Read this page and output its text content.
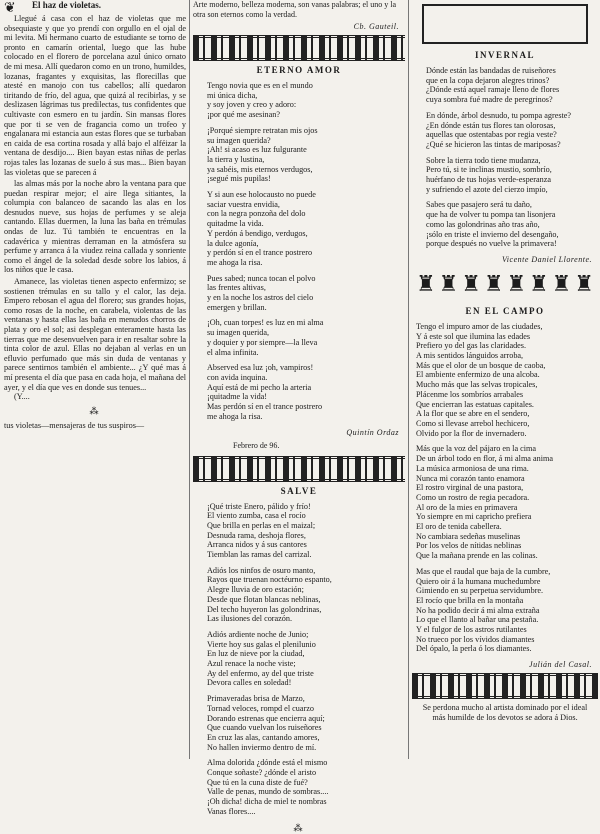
❦ El haz de violetas.

Llegué á casa con el haz de violetas que me obsequiaste y que yo prendí con orgullo en el ojal de mi levita. Mi hermano cuarto de estudiante se torno de pronto en camarín oriental, luego que las hube colocado en el florero de porcelana azul único ornato de mi mesa. Allí quedaron como en un trono, humildes, lozanas, fragantes y exquisitas, las florecillas que atesté en manojo con tus cabellos; allí quedaron tiritando de frío, del agua, que quizá al recibirlas, y se deslizasen lágrimas tus predilectas, tus confidentes que cultivaste con esmero en tu jardín. Sin mansas flores que por ti se ven de fragancia como un trofeo y engalanara mi estancia aun estas flores que se turbaban en caida de esa cortina rosada y allá bajo el alféizar la ventana de desdijo.... Bien bayan estas niñas de perlas rojas tales las lozanas de suelo á sus mas... Bien bayan las violetas que se parecen á

las almas más por la noche abro la ventana para que puedan respirar mejor; el aire llega sitiantes, la columpia con balanceo de sacando las alas en los desnudos nueve, sus hojas de perfumes y se aleja cantando. Ellas duermen, la luna las baña en trémulas ondas de luz. Tú también te encuentras en la cadavérica y mientras derraman en la atmósfera su perfume y arranca á la viudez reina callada y sonriente como el ángel de la soledad desde sobre los labios, á los niños que le casa.

Amanece, las violetas tienen aspecto enfermizo; se sostienen trémulas en su tallo y el calor, las deja. Empero rebosan el agua del florero; sus grandes hojas, como rosas de la noche, en carabela, violentas de las ventanas y hasta ellas las baña en menudos chorros de plata y oro el sol; asi desplegan enteramente hasta las tierras que me desenvuelven para ir en resaltar sobre la tinta color de azul. Ellas no dejaban al verlas en un efluvio perfumado que más sin duda de ventanas y parece sentirnos también el ambiente... ¿Y qué mas á mí presenta el día que pasa en cada hoja, el mañana del ayer, y el día que ves en donde sus tenues...

(Y....

⁂
tus violetas—mensajeras de tus suspiros—
Arte moderno, belleza moderna, son vanas palabras; el uno y la otra son eternos como la verdad.
Cb. Gauteil.
ETERNO AMOR
Tengo novia que es en el mundo
mi única dicha,
y soy joven y creo y adoro:
¡por qué me asesinan?
¡Porqué siempre retratan mis ojos
su imagen querida?
¡Ah! si acaso es luz fulgurante
la tierra y lustina,
ya sabéis, mis eternos verdugos,
¡segué mis pupilas!
Y si aun ese holocausto no puede
saciar vuestra envidia,
con la negra ponzoña del dolo
quitadme la vida.
Y perdón á bendigo, verdugos,
la dulce agonía,
y perdón sí en el trance postrero
me ahoga la risa.
Pues sabed; nunca tocan el polvo
las frentes altivas,
y en la noche los astros del cielo
emergen y brillan.
¡Oh, cuan torpes! es luz en mi alma
su imagen querida,
y doquier y por siempre—la lleva
el alma infinita.
Abserved esa luz ¡oh, vampiros!
con avida inquina.
Aquí está de mi pecho la arteria
¡quitadme la vida!
Mas perdón sí en el trance postrero
me ahoga la risa.
Quintín Ordaz
Febrero de 96.
SALVE
¡Qué triste Enero, pálido y frío!
El viento zumba, casa el rocío
Que brilla en perlas en el maizal;
Desnuda rama, deshoja flores,
Arranca nidos y á sus cantores
Tiemblan las ramas del carrizal.
Adiós los ninfos de osuro manto,
Rayos que truenan noctéurno espanto,
Alegre lluvia de oro estación;
Desde que flotan blancas neblinas,
Del techo huyeron las golondrinas,
Las ilusiones del corazón.
Adiós ardiente noche de Junio;
Vierte hoy sus galas el plenilunio
En luz de nieve por la ciudad,
Azul renace la noche viste;
Ay del enfermo, ay del que triste
Devora calles en soledad!
Primaveradas brisa de Marzo,
Tornad veloces, rompd el cuarzo
Dorando estrenas que encierra aquí;
Que cuando vuelvan los ruiseñores
En cruz las alas, cantando amores,
No hallen inviermo dentro de mí.
Alma dolorida ¿dónde está el mismo
Conque soñaste? ¿dónde el aristo
Que tú en la cuna diste de fué?
Valle de penas, mundo de sombras....
¡Oh dicha! dicha de miel te nombras
Vanas flores....
⁂
INVERNAL
Dónde están las bandadas de ruiseñores
que en la copa dejaron alegres trinos?
¿Dónde está aquel ramaje lleno de flores
cuya sombra fué madre de peregrinos?
En dónde, árbol desnudo, tu pompa agreste?
¿En dónde están tus flores tan olorosas,
aquellas que ostentabas por regia veste?
¿Qué se hicieron las tintas de mariposas?
Sobre la tierra todo tiene mudanza,
Pero tú, si te inclinas mustio, sombrío,
huérfano de tus hojas verde-esperanza
y sufriendo el azote del cierzo impío,
Sabes que pasajero será tu daño,
que ha de volver tu pompa tan lisonjera
como las golondrinas año tras año,
¡sólo en triste el invierno del desengaño,
porque después no vuelve la primavera!
Vicente Daniel Llorente.
♜ ♜ ♜ ♜ ♜ ♜ ♜ ♜
EN EL CAMPO
Tengo el impuro amor de las ciudades,
Y á este sol que ilumina las edades
Prefiero yo del gas las claridades.
A mis sentidos lánguidos arroba,
Más que el olor de un bosque de caoba,
El ambiente enfermizo de una alcoba.
Mucho más que las selvas tropicales,
Plácenme los sombríos arrabales
Que encierran las estatuas capitales.
A la flor que se abre en el sendero,
Como si llevase arrebol hechicero,
Olvido por la flor de invernadero.
Más que la voz del pájaro en la cima
De un árbol todo en flor, á mi alma anima
La música armoniosa de una rima.
Nunca mi corazón tanto enamora
El rostro virginal de una pastora,
Como un rostro de regia pecadora.
Al oro de la mies en primavera
Yo siempre en mi capricho prefiera
El oro de tenida cabellera.
No cambiara sedeñas muselinas
Por los velos de nítidas neblinas
Que la mañana prende en las colinas.
Mas que el raudal que baja de la cumbre,
Quiero oir á la humana muchedumbre
Gimiendo en su perpetua servidumbre.
El rocío que brilla en la montaña
No ha podido decir á mi alma extraña
Lo que el llanto al bañar una pestaña.
Y el fulgor de los astros rutilantes
No trueco por los vívidos diamantes
Del ópalo, la perla ó los diamantes.
Julián del Casal.
Se perdona mucho al artista dominado por el ideal más humilde de los devotos se adora á Dios.
